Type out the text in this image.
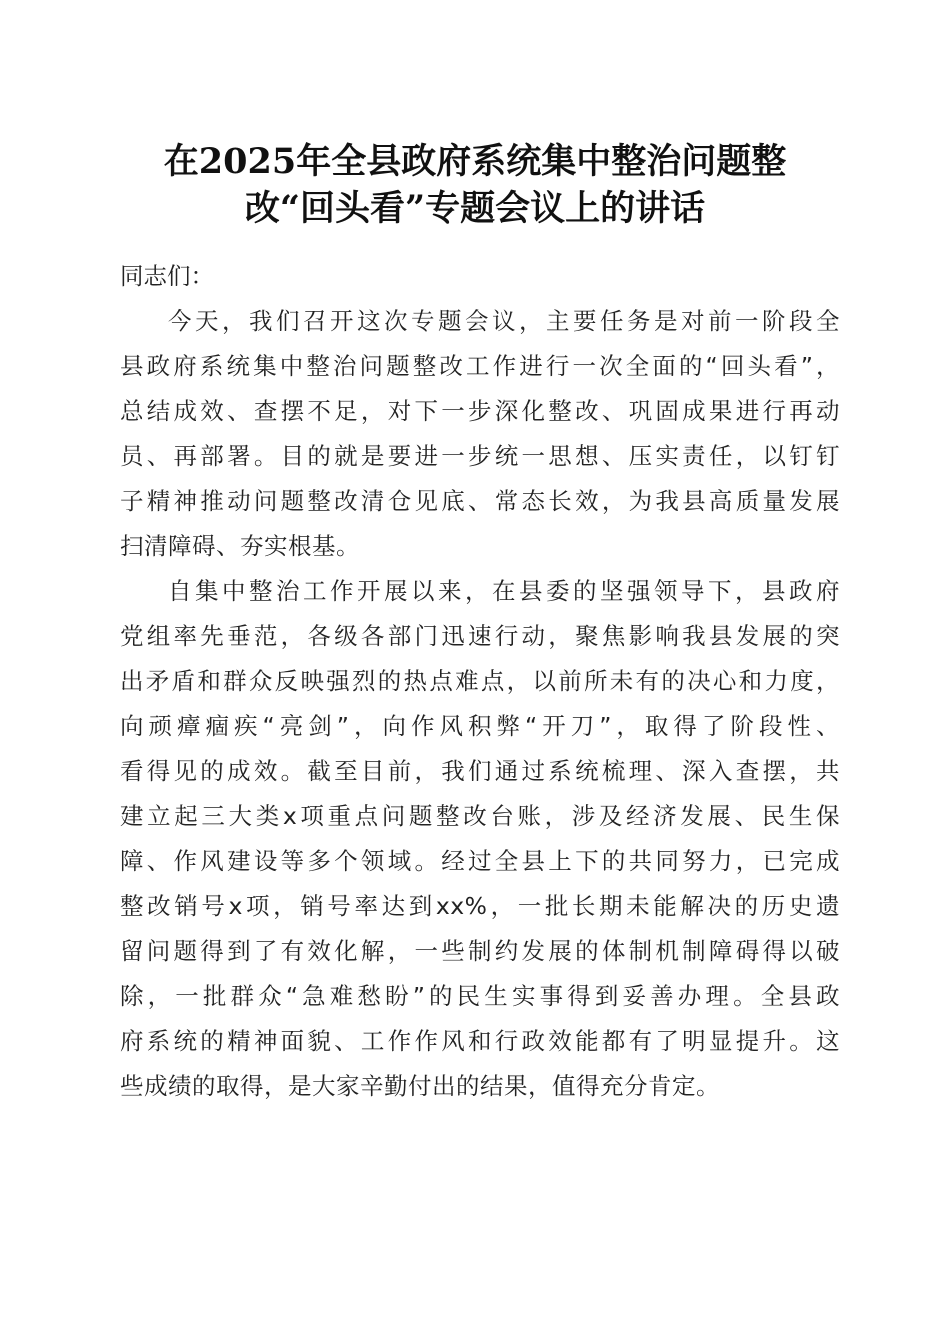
在2025年全县政府系统集中整治问题整
改“回头看”专题会议上的讲话
同志们：
今天，我们召开这次专题会议，主要任务是对前一阶段全
县政府系统集中整治问题整改工作进行一次全面的“回头看”，
总结成效、查摆不足，对下一步深化整改、巩固成果进行再动
员、再部署。目的就是要进一步统一思想、压实责任，以钉钉
子精神推动问题整改清仓见底、常态长效，为我县高质量发展
扫清障碍、夯实根基。
自集中整治工作开展以来，在县委的坚强领导下，县政府
党组率先垂范，各级各部门迅速行动，聚焦影响我县发展的突
出矛盾和群众反映强烈的热点难点，以前所未有的决心和力度，
向顽瘴痼疾“亮剑”，向作风积弊“开刀”，取得了阶段性、
看得见的成效。截至目前，我们通过系统梳理、深入查摆，共
建立起三大类x项重点问题整改台账，涉及经济发展、民生保
障、作风建设等多个领域。经过全县上下的共同努力，已完成
整改销号x项，销号率达到xx%，一批长期未能解决的历史遗
留问题得到了有效化解，一些制约发展的体制机制障碍得以破
除，一批群众“急难愁盼”的民生实事得到妥善办理。全县政
府系统的精神面貌、工作作风和行政效能都有了明显提升。这
些成绩的取得，是大家辛勤付出的结果，值得充分肯定。
